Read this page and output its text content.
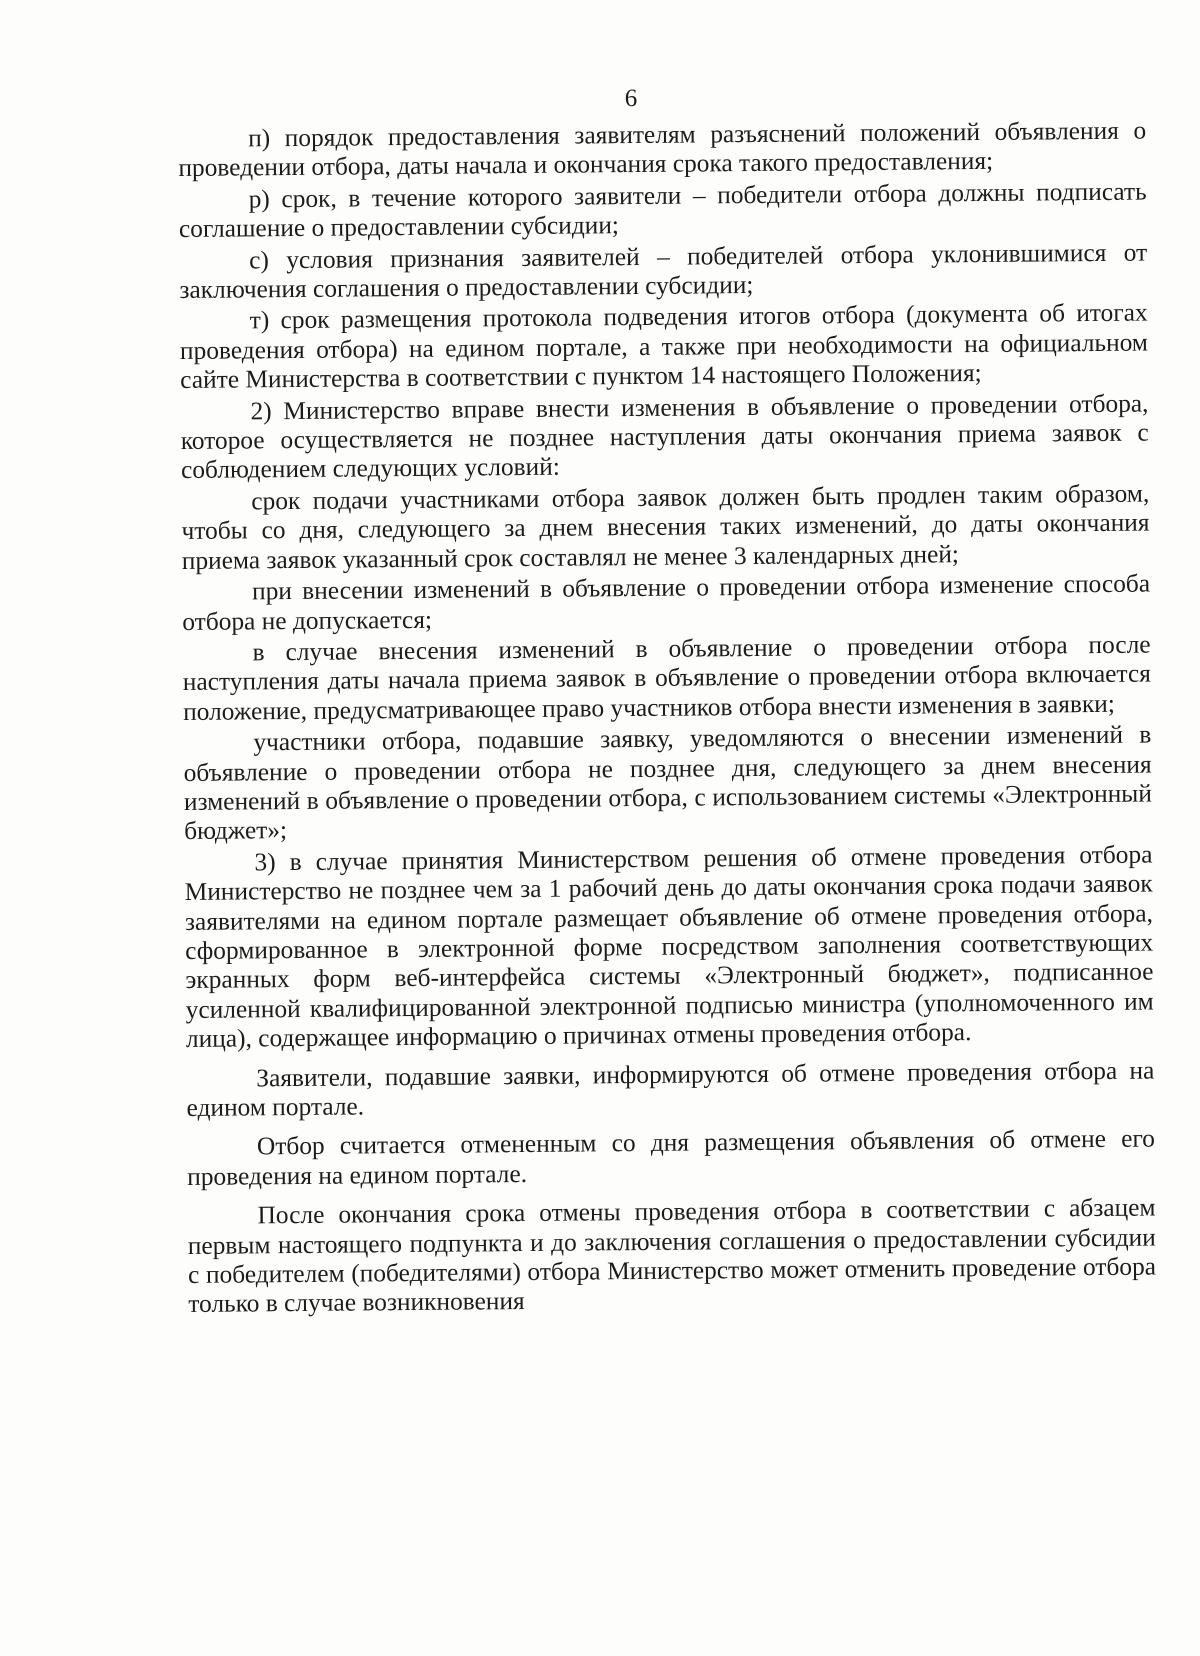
6

п) порядок предоставления заявителям разъяснений положений объявления о проведении отбора, даты начала и окончания срока такого предоставления;

р) срок, в течение которого заявители – победители отбора должны подписать соглашение о предоставлении субсидии;

с) условия признания заявителей – победителей отбора уклонившимися от заключения соглашения о предоставлении субсидии;

т) срок размещения протокола подведения итогов отбора (документа об итогах проведения отбора) на едином портале, а также при необходимости на официальном сайте Министерства в соответствии с пунктом 14 настоящего Положения;

2) Министерство вправе внести изменения в объявление о проведении отбора, которое осуществляется не позднее наступления даты окончания приема заявок с соблюдением следующих условий:

срок подачи участниками отбора заявок должен быть продлен таким образом, чтобы со дня, следующего за днем внесения таких изменений, до даты окончания приема заявок указанный срок составлял не менее 3 календарных дней;

при внесении изменений в объявление о проведении отбора изменение способа отбора не допускается;

в случае внесения изменений в объявление о проведении отбора после наступления даты начала приема заявок в объявление о проведении отбора включается положение, предусматривающее право участников отбора внести изменения в заявки;

участники отбора, подавшие заявку, уведомляются о внесении изменений в объявление о проведении отбора не позднее дня, следующего за днем внесения изменений в объявление о проведении отбора, с использованием системы «Электронный бюджет»;

3) в случае принятия Министерством решения об отмене проведения отбора Министерство не позднее чем за 1 рабочий день до даты окончания срока подачи заявок заявителями на едином портале размещает объявление об отмене проведения отбора, сформированное в электронной форме посредством заполнения соответствующих экранных форм веб-интерфейса системы «Электронный бюджет», подписанное усиленной квалифицированной электронной подписью министра (уполномоченного им лица), содержащее информацию о причинах отмены проведения отбора.

Заявители, подавшие заявки, информируются об отмене проведения отбора на едином портале.

Отбор считается отмененным со дня размещения объявления об отмене его проведения на едином портале.

После окончания срока отмены проведения отбора в соответствии с абзацем первым настоящего подпункта и до заключения соглашения о предоставлении субсидии с победителем (победителями) отбора Министерство может отменить проведение отбора только в случае возникновения
